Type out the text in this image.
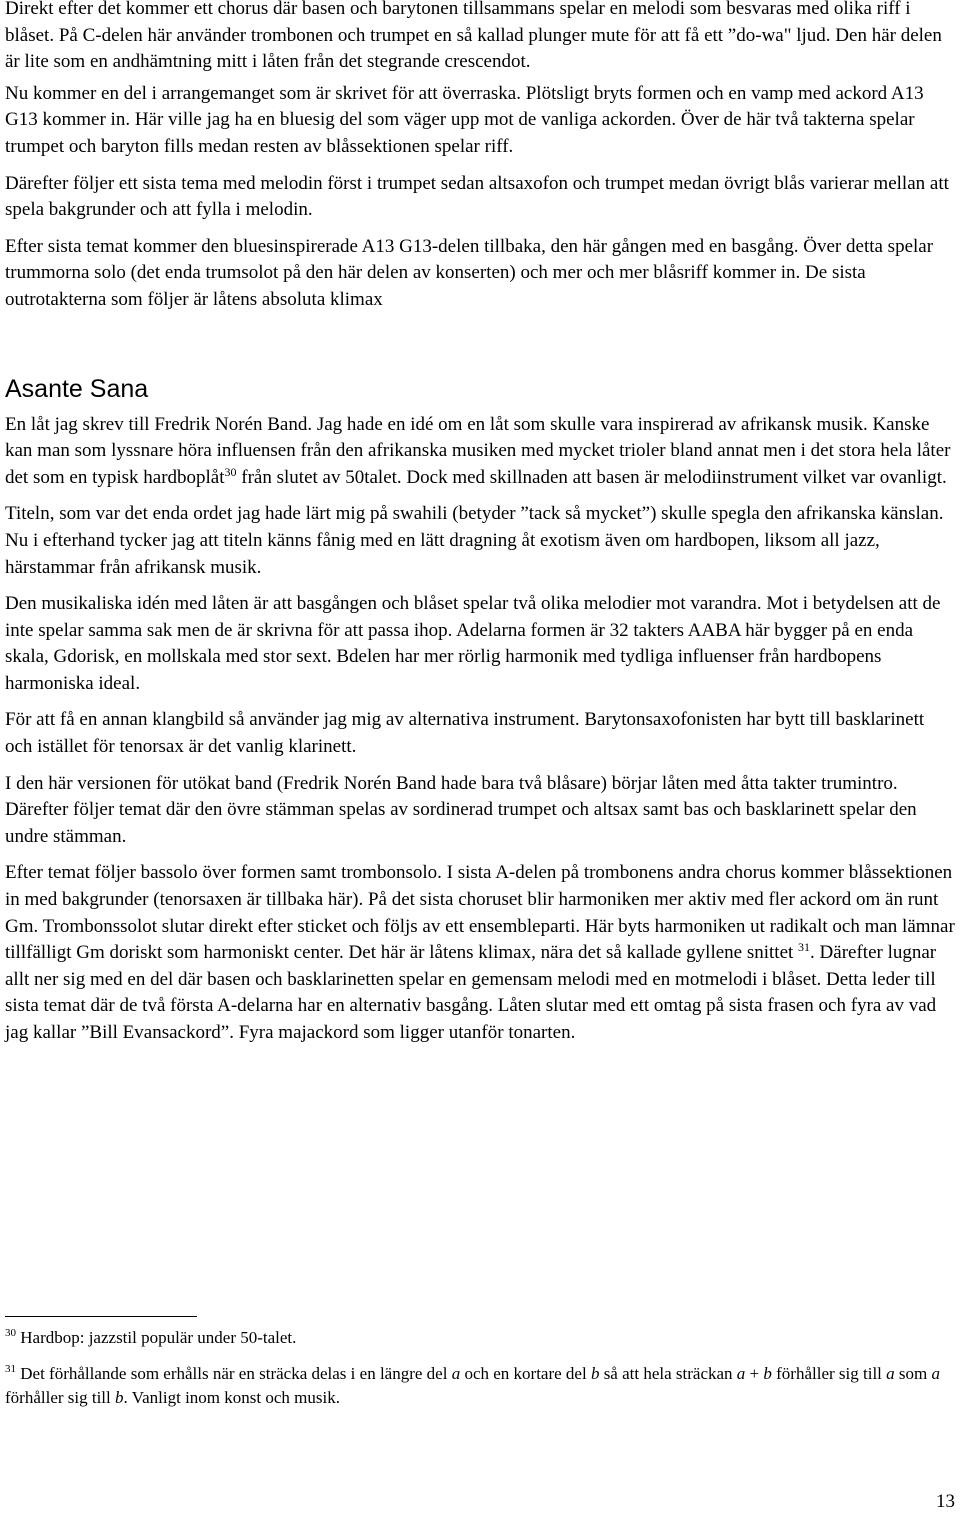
Direkt efter det kommer ett chorus där basen och barytonen tillsammans spelar en melodi som besvaras med olika riff i blåset. På C-delen här använder trombonen och trumpet en så kallad plunger mute för att få ett ”do-wa" ljud. Den här delen är lite som en andhämtning mitt i låten från det stegrande crescendot.

Nu kommer en del i arrangemanget som är skrivet för att överraska. Plötsligt bryts formen och en vamp med ackord A13 G13 kommer in. Här ville jag ha en bluesig del som väger upp mot de vanliga ackorden. Över de här två takterna spelar trumpet och baryton fills medan resten av blåssektionen spelar riff.

Därefter följer ett sista tema med melodin först i trumpet sedan altsaxofon och trumpet medan övrigt blås varierar mellan att spela bakgrunder och att fylla i melodin.

Efter sista temat kommer den bluesinspirerade A13 G13-delen tillbaka, den här gången med en basgång. Över detta spelar trummorna solo (det enda trumsolot på den här delen av konserten) och mer och mer blåsriff kommer in. De sista outrotakterna som följer är låtens absoluta klimax

Asante Sana

En låt jag skrev till Fredrik Norén Band. Jag hade en idé om en låt som skulle vara inspirerad av afrikansk musik. Kanske kan man som lyssnare höra influensen från den afrikanska musiken med mycket trioler bland annat men i det stora hela låter det som en typisk hardboplåt$^{30}$ från slutet av 50talet. Dock med skillnaden att basen är melodiinstrument vilket var ovanligt.

Titeln, som var det enda ordet jag hade lärt mig på swahili (betyder ”tack så mycket”) skulle spegla den afrikanska känslan. Nu i efterhand tycker jag att titeln känns fånig med en lätt dragning åt exotism även om hardbopen, liksom all jazz, härstammar från afrikansk musik.

Den musikaliska idén med låten är att basgången och blåset spelar två olika melodier mot varandra. Mot i betydelsen att de inte spelar samma sak men de är skrivna för att passa ihop. Adelarna formen är 32 takters AABA här bygger på en enda skala, Gdorisk, en mollskala med stor sext. Bdelen har mer rörlig harmonik med tydliga influenser från hardbopens harmoniska ideal.

För att få en annan klangbild så använder jag mig av alternativa instrument. Barytonsaxofonisten har bytt till basklarinett och istället för tenorsax är det vanlig klarinett.

I den här versionen för utökat band (Fredrik Norén Band hade bara två blåsare) börjar låten med åtta takter trumintro. Därefter följer temat där den övre stämman spelas av sordinerad trumpet och altsax samt bas och basklarinett spelar den undre stämman.

Efter temat följer bassolo över formen samt trombonsolo. I sista A-delen på trombonens andra chorus kommer blåssektionen in med bakgrunder (tenorsaxen är tillbaka här). På det sista choruset blir harmoniken mer aktiv med fler ackord om än runt Gm. Trombonssolot slutar direkt efter sticket och följs av ett ensembleparti. Här byts harmoniken ut radikalt och man lämnar tillfälligt Gm doriskt som harmoniskt center. Det här är låtens klimax, nära det så kallade gyllene snittet $^{31}$. Därefter lugnar allt ner sig med en del där basen och basklarinetten spelar en gemensam melodi med en motmelodi i blåset. Detta leder till sista temat där de två första A-delarna har en alternativ basgång. Låten slutar med ett omtag på sista frasen och fyra av vad jag kallar ”Bill Evansackord”. Fyra majackord som ligger utanför tonarten.

$^{30}$ Hardbop: jazzstil populär under 50-talet.

$^{31}$ Det förhållande som erhålls när en sträcka delas i en längre del a och en kortare del b så att hela sträckan a + b förhåller sig till a som a förhåller sig till b. Vanligt inom konst och musik.

13
